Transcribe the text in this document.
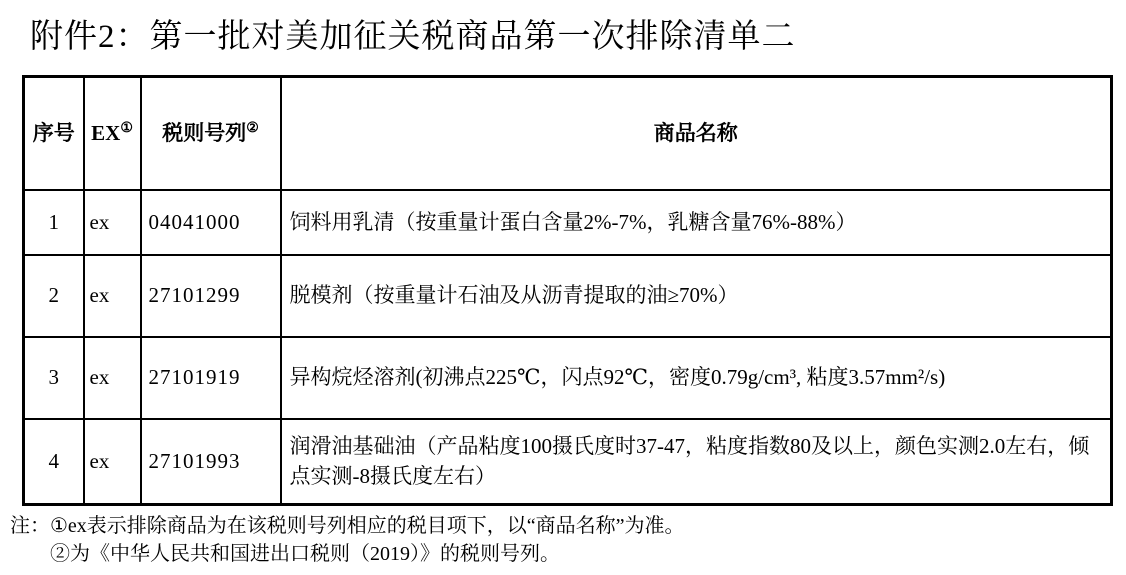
附件2：第一批对美加征关税商品第一次排除清单二
序号	EX①	税则号列②	商品名称
1	ex	04041000	饲料用乳清（按重量计蛋白含量2%-7%，乳糖含量76%-88%）
2	ex	27101299	脱模剂（按重量计石油及从沥青提取的油≥70%）
3	ex	27101919	异构烷烃溶剂(初沸点225℃，闪点92℃，密度0.79g/cm³, 粘度3.57mm²/s)
4	ex	27101993	润滑油基础油（产品粘度100摄氏度时37-47，粘度指数80及以上，颜色实测2.0左右，倾点实测-8摄氏度左右）
注： ①ex表示排除商品为在该税则号列相应的税目项下，以“商品名称”为准。
②为《中华人民共和国进出口税则（2019）》的税则号列。
